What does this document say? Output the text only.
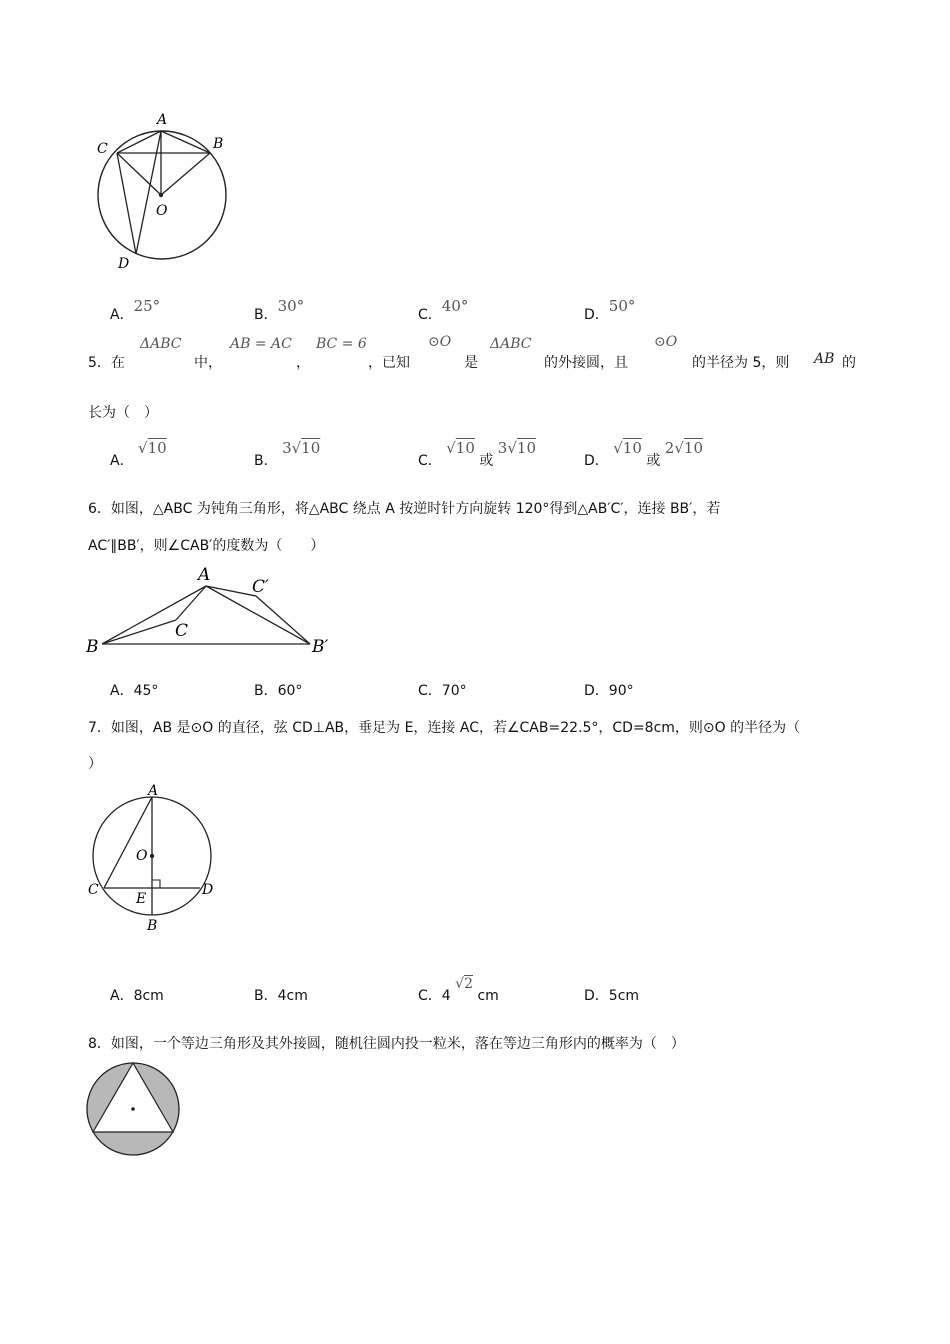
A
B
C
O
D
A．25°	B．30°	C．40°	D．50°
5．在
ΔABC
中，
AB = AC
，
BC = 6
，已知
⊙O
是
ΔABC
的外接圆，且
⊙O
的半径为 5，则 AB 的
长为（　）
A． √10
B． 3√10
C． √10 或 3√10
D． √10 或 2√10
6．如图，△ABC 为钝角三角形，将△ABC 绕点 A 按逆时针方向旋转 120°得到△AB′C′，连接 BB′，若
AC′∥BB′，则∠CAB′的度数为（　　）
A
C′
C
B	B′
A．45°	B．60°	C．70°	D．90°
7．如图，AB 是⊙O 的直径，弦 CD⊥AB，垂足为 E，连接 AC，若∠CAB=22.5°，CD=8cm，则⊙O 的半径为（
）
A
O
C
E
D
B
A．8cm	B．4cm	C．4 √2 cm	D．5cm
8．如图，一个等边三角形及其外接圆，随机往圆内投一粒米，落在等边三角形内的概率为（　）
